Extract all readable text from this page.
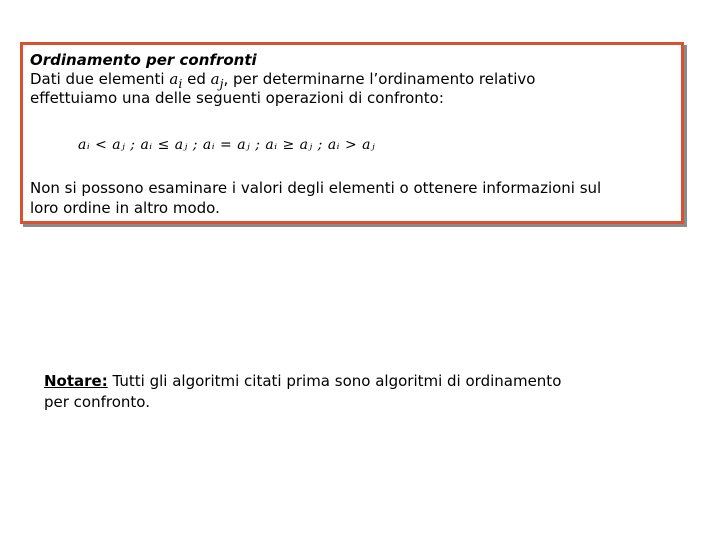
Ordinamento per confronti
Dati due elementi $a_i$ ed $a_j$, per determinarne l’ordinamento relativo
effettuiamo una delle seguenti operazioni di confronto:
aᵢ < aⱼ ; aᵢ ≤ aⱼ ; aᵢ = aⱼ ; aᵢ ≥ aⱼ ; aᵢ > aⱼ
Non si possono esaminare i valori degli elementi o ottenere informazioni sul
loro ordine in altro modo.
Notare: Tutti gli algoritmi citati prima sono algoritmi di ordinamento
per confronto.
